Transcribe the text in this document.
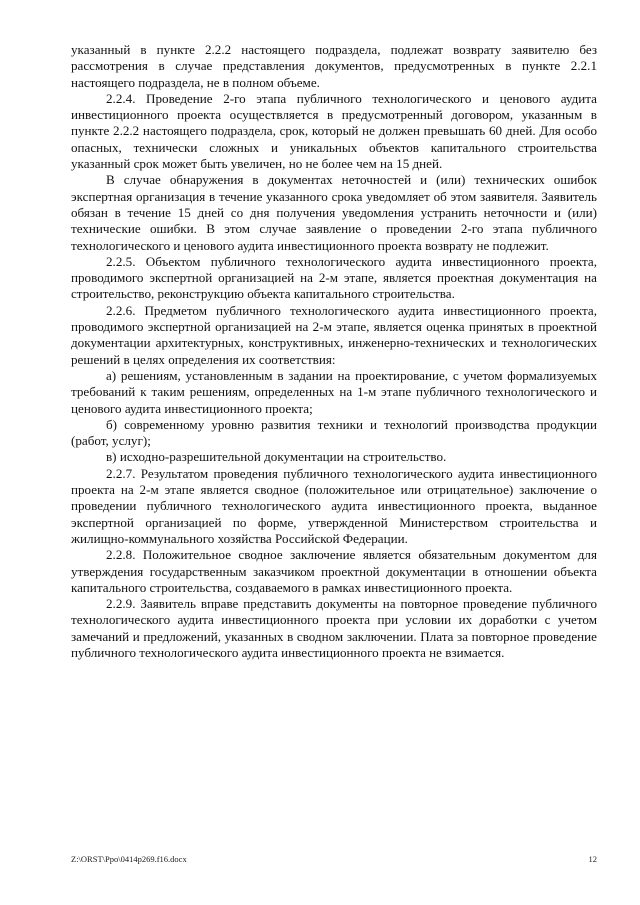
указанный в пункте 2.2.2 настоящего подраздела, подлежат возврату заявителю без рассмотрения в случае представления документов, предусмотренных в пункте 2.2.1 настоящего подраздела, не в полном объеме.

2.2.4. Проведение 2-го этапа публичного технологического и ценового аудита инвестиционного проекта осуществляется в предусмотренный договором, указанным в пункте 2.2.2 настоящего подраздела, срок, который не должен превышать 60 дней. Для особо опасных, технически сложных и уникальных объектов капитального строительства указанный срок может быть увеличен, но не более чем на 15 дней.

В случае обнаружения в документах неточностей и (или) технических ошибок экспертная организация в течение указанного срока уведомляет об этом заявителя. Заявитель обязан в течение 15 дней со дня получения уведомления устранить неточности и (или) технические ошибки. В этом случае заявление о проведении 2-го этапа публичного технологического и ценового аудита инвестиционного проекта возврату не подлежит.

2.2.5. Объектом публичного технологического аудита инвестиционного проекта, проводимого экспертной организацией на 2-м этапе, является проектная документация на строительство, реконструкцию объекта капитального строительства.

2.2.6. Предметом публичного технологического аудита инвестиционного проекта, проводимого экспертной организацией на 2-м этапе, является оценка принятых в проектной документации архитектурных, конструктивных, инженерно-технических и технологических решений в целях определения их соответствия:

а) решениям, установленным в задании на проектирование, с учетом формализуемых требований к таким решениям, определенных на 1-м этапе публичного технологического и ценового аудита инвестиционного проекта;

б) современному уровню развития техники и технологий производства продукции (работ, услуг);

в) исходно-разрешительной документации на строительство.

2.2.7. Результатом проведения публичного технологического аудита инвестиционного проекта на 2-м этапе является сводное (положительное или отрицательное) заключение о проведении публичного технологического аудита инвестиционного проекта, выданное экспертной организацией по форме, утвержденной Министерством строительства и жилищно-коммунального хозяйства Российской Федерации.

2.2.8. Положительное сводное заключение является обязательным документом для утверждения государственным заказчиком проектной документации в отношении объекта капитального строительства, создаваемого в рамках инвестиционного проекта.

2.2.9. Заявитель вправе представить документы на повторное проведение публичного технологического аудита инвестиционного проекта при условии их доработки с учетом замечаний и предложений, указанных в сводном заключении. Плата за повторное проведение публичного технологического аудита инвестиционного проекта не взимается.

Z:\ORST\Ppo\0414p269.f16.docx	12
